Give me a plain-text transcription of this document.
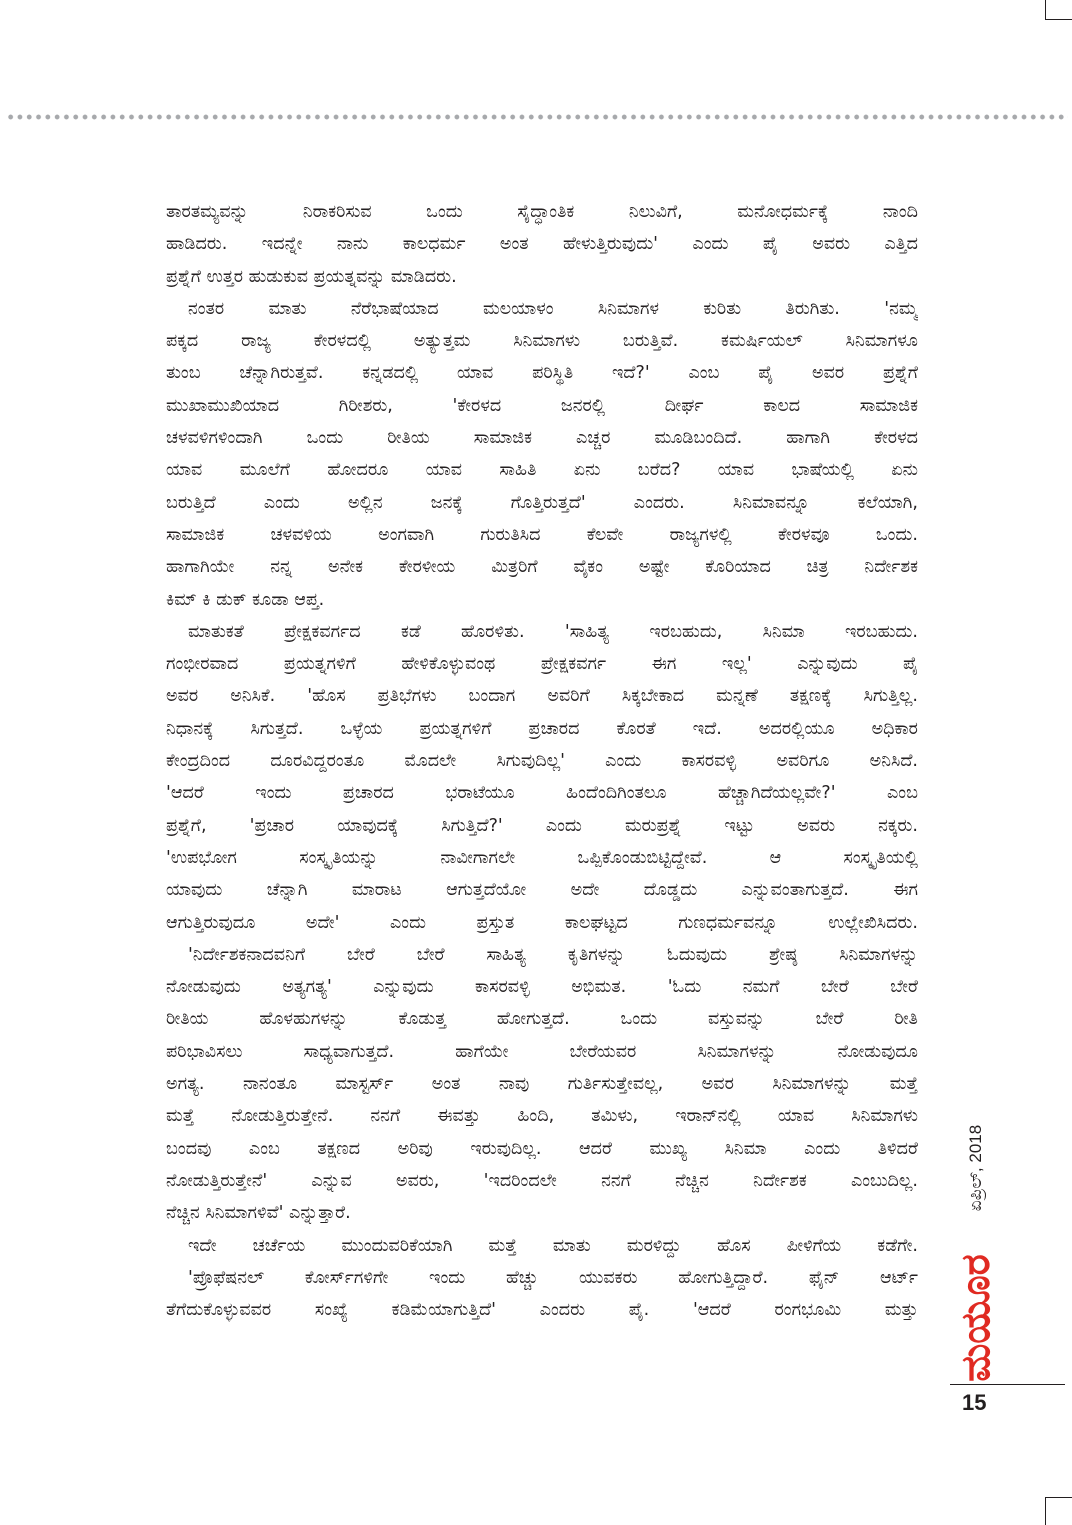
ತಾರತಮ್ಯವನ್ನು ನಿರಾಕರಿಸುವ ಒಂದು ಸೈದ್ಧಾಂತಿಕ ನಿಲುವಿಗೆ, ಮನೋಧರ್ಮಕ್ಕೆ ನಾಂದಿ
ಹಾಡಿದರು. ಇದನ್ನೇ ನಾನು ಕಾಲಧರ್ಮ ಅಂತ ಹೇಳುತ್ತಿರುವುದು' ಎಂದು ಪೈ ಅವರು ಎತ್ತಿದ
ಪ್ರಶ್ನೆಗೆ ಉತ್ತರ ಹುಡುಕುವ ಪ್ರಯತ್ನವನ್ನು ಮಾಡಿದರು.
ನಂತರ ಮಾತು ನೆರೆಭಾಷೆಯಾದ ಮಲಯಾಳಂ ಸಿನಿಮಾಗಳ ಕುರಿತು ತಿರುಗಿತು. 'ನಮ್ಮ
ಪಕ್ಕದ ರಾಜ್ಯ ಕೇರಳದಲ್ಲಿ ಅತ್ಯುತ್ತಮ ಸಿನಿಮಾಗಳು ಬರುತ್ತಿವೆ. ಕಮರ್ಷಿಯಲ್ ಸಿನಿಮಾಗಳೂ
ತುಂಬ ಚೆನ್ನಾಗಿರುತ್ತವೆ. ಕನ್ನಡದಲ್ಲಿ ಯಾವ ಪರಿಸ್ಥಿತಿ ಇದೆ?' ಎಂಬ ಪೈ ಅವರ ಪ್ರಶ್ನೆಗೆ
ಮುಖಾಮುಖಿಯಾದ ಗಿರೀಶರು, 'ಕೇರಳದ ಜನರಲ್ಲಿ ದೀರ್ಘ ಕಾಲದ ಸಾಮಾಜಿಕ
ಚಳವಳಿಗಳಿಂದಾಗಿ ಒಂದು ರೀತಿಯ ಸಾಮಾಜಿಕ ಎಚ್ಚರ ಮೂಡಿಬಂದಿದೆ. ಹಾಗಾಗಿ ಕೇರಳದ
ಯಾವ ಮೂಲೆಗೆ ಹೋದರೂ ಯಾವ ಸಾಹಿತಿ ಏನು ಬರೆದ? ಯಾವ ಭಾಷೆಯಲ್ಲಿ ಏನು
ಬರುತ್ತಿದೆ ಎಂದು ಅಲ್ಲಿನ ಜನಕ್ಕೆ ಗೊತ್ತಿರುತ್ತದೆ' ಎಂದರು. ಸಿನಿಮಾವನ್ನೂ ಕಲೆಯಾಗಿ,
ಸಾಮಾಜಿಕ ಚಳವಳಿಯ ಅಂಗವಾಗಿ ಗುರುತಿಸಿದ ಕೆಲವೇ ರಾಜ್ಯಗಳಲ್ಲಿ ಕೇರಳವೂ ಒಂದು.
ಹಾಗಾಗಿಯೇ ನನ್ನ ಅನೇಕ ಕೇರಳೀಯ ಮಿತ್ರರಿಗೆ ವೈಕಂ ಅಷ್ಟೇ ಕೊರಿಯಾದ ಚಿತ್ರ ನಿರ್ದೇಶಕ
ಕಿಮ್ ಕಿ ಡುಕ್ ಕೂಡಾ ಆಪ್ತ.
ಮಾತುಕತೆ ಪ್ರೇಕ್ಷಕವರ್ಗದ ಕಡೆ ಹೊರಳಿತು. 'ಸಾಹಿತ್ಯ ಇರಬಹುದು, ಸಿನಿಮಾ ಇರಬಹುದು.
ಗಂಭೀರವಾದ ಪ್ರಯತ್ನಗಳಿಗೆ ಹೇಳಿಕೊಳ್ಳುವಂಥ ಪ್ರೇಕ್ಷಕವರ್ಗ ಈಗ ಇಲ್ಲ' ಎನ್ನುವುದು ಪೈ
ಅವರ ಅನಿಸಿಕೆ. 'ಹೊಸ ಪ್ರತಿಭೆಗಳು ಬಂದಾಗ ಅವರಿಗೆ ಸಿಕ್ಕಬೇಕಾದ ಮನ್ನಣೆ ತಕ್ಷಣಕ್ಕೆ ಸಿಗುತ್ತಿಲ್ಲ.
ನಿಧಾನಕ್ಕೆ ಸಿಗುತ್ತದೆ. ಒಳ್ಳೆಯ ಪ್ರಯತ್ನಗಳಿಗೆ ಪ್ರಚಾರದ ಕೊರತೆ ಇದೆ. ಅದರಲ್ಲಿಯೂ ಅಧಿಕಾರ
ಕೇಂದ್ರದಿಂದ ದೂರವಿದ್ದರಂತೂ ಮೊದಲೇ ಸಿಗುವುದಿಲ್ಲ' ಎಂದು ಕಾಸರವಳ್ಳಿ ಅವರಿಗೂ ಅನಿಸಿದೆ.
'ಆದರೆ ಇಂದು ಪ್ರಚಾರದ ಭರಾಟೆಯೂ ಹಿಂದೆಂದಿಗಿಂತಲೂ ಹೆಚ್ಚಾಗಿದೆಯಲ್ಲವೇ?' ಎಂಬ
ಪ್ರಶ್ನೆಗೆ, 'ಪ್ರಚಾರ ಯಾವುದಕ್ಕೆ ಸಿಗುತ್ತಿದೆ?' ಎಂದು ಮರುಪ್ರಶ್ನೆ ಇಟ್ಟು ಅವರು ನಕ್ಕರು.
'ಉಪಭೋಗ ಸಂಸ್ಕೃತಿಯನ್ನು ನಾವೀಗಾಗಲೇ ಒಪ್ಪಿಕೊಂಡುಬಿಟ್ಟಿದ್ದೇವೆ. ಆ ಸಂಸ್ಕೃತಿಯಲ್ಲಿ
ಯಾವುದು ಚೆನ್ನಾಗಿ ಮಾರಾಟ ಆಗುತ್ತದೆಯೋ ಅದೇ ದೊಡ್ಡದು ಎನ್ನುವಂತಾಗುತ್ತದೆ. ಈಗ
ಆಗುತ್ತಿರುವುದೂ ಅದೇ' ಎಂದು ಪ್ರಸ್ತುತ ಕಾಲಘಟ್ಟದ ಗುಣಧರ್ಮವನ್ನೂ ಉಲ್ಲೇಖಿಸಿದರು.
'ನಿರ್ದೇಶಕನಾದವನಿಗೆ ಬೇರೆ ಬೇರೆ ಸಾಹಿತ್ಯ ಕೃತಿಗಳನ್ನು ಓದುವುದು ಶ್ರೇಷ್ಠ ಸಿನಿಮಾಗಳನ್ನು
ನೋಡುವುದು ಅತ್ಯಗತ್ಯ' ಎನ್ನುವುದು ಕಾಸರವಳ್ಳಿ ಅಭಿಮತ. 'ಓದು ನಮಗೆ ಬೇರೆ ಬೇರೆ
ರೀತಿಯ ಹೊಳಹುಗಳನ್ನು ಕೊಡುತ್ತ ಹೋಗುತ್ತದೆ. ಒಂದು ವಸ್ತುವನ್ನು ಬೇರೆ ರೀತಿ
ಪರಿಭಾವಿಸಲು ಸಾಧ್ಯವಾಗುತ್ತದೆ. ಹಾಗೆಯೇ ಬೇರೆಯವರ ಸಿನಿಮಾಗಳನ್ನು ನೋಡುವುದೂ
ಅಗತ್ಯ. ನಾನಂತೂ ಮಾಸ್ಟರ್ಸ್ ಅಂತ ನಾವು ಗುರ್ತಿಸುತ್ತೇವಲ್ಲ, ಅವರ ಸಿನಿಮಾಗಳನ್ನು ಮತ್ತೆ
ಮತ್ತೆ ನೋಡುತ್ತಿರುತ್ತೇನೆ. ನನಗೆ ಈವತ್ತು ಹಿಂದಿ, ತಮಿಳು, ಇರಾನ್‌ನಲ್ಲಿ ಯಾವ ಸಿನಿಮಾಗಳು
ಬಂದವು ಎಂಬ ತಕ್ಷಣದ ಅರಿವು ಇರುವುದಿಲ್ಲ. ಆದರೆ ಮುಖ್ಯ ಸಿನಿಮಾ ಎಂದು ತಿಳಿದರೆ
ನೋಡುತ್ತಿರುತ್ತೇನೆ' ಎನ್ನುವ ಅವರು, 'ಇದರಿಂದಲೇ ನನಗೆ ನೆಚ್ಚಿನ ನಿರ್ದೇಶಕ ಎಂಬುದಿಲ್ಲ.
ನೆಚ್ಚಿನ ಸಿನಿಮಾಗಳಿವೆ' ಎನ್ನುತ್ತಾರೆ.
ಇದೇ ಚರ್ಚೆಯ ಮುಂದುವರಿಕೆಯಾಗಿ ಮತ್ತೆ ಮಾತು ಮರಳಿದ್ದು ಹೊಸ ಪೀಳಿಗೆಯ ಕಡೆಗೇ.
'ಪ್ರೊಫೆಷನಲ್ ಕೋರ್ಸ್‌ಗಳಿಗೇ ಇಂದು ಹೆಚ್ಚು ಯುವಕರು ಹೋಗುತ್ತಿದ್ದಾರೆ. ಫೈನ್ ಆರ್ಟ್
ತೆಗೆದುಕೊಳ್ಳುವವರ ಸಂಖ್ಯೆ ಕಡಿಮೆಯಾಗುತ್ತಿದೆ' ಎಂದರು ಪೈ. 'ಆದರೆ ರಂಗಭೂಮಿ ಮತ್ತು
ಏಪ್ರಿಲ್, 2018
ಮಯೂರ
15
